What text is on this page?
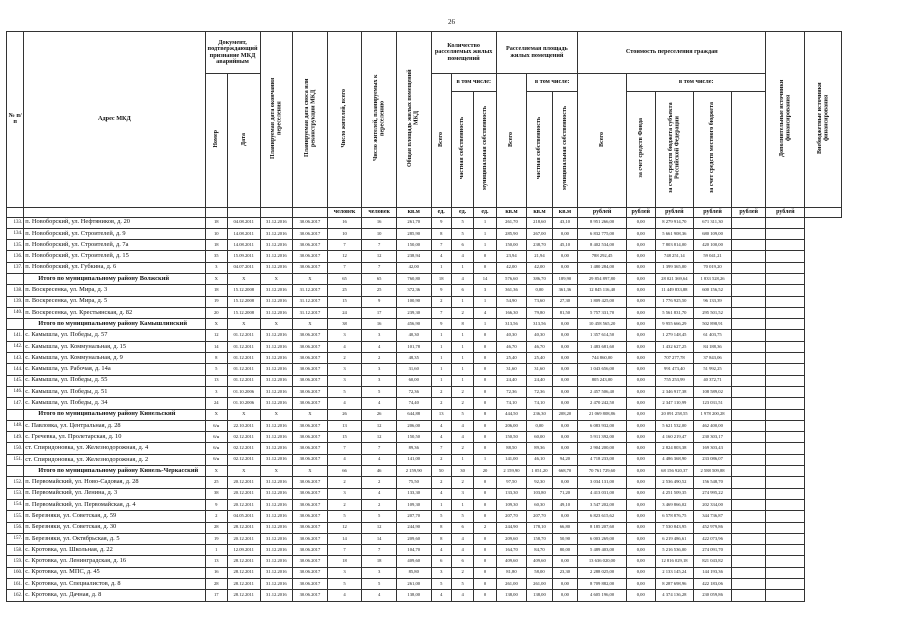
26
№ п/п	Адрес МКД	Документ, подтверждающий признание МКД аварийным		Планируемая дата окончания переселения	Планируемая дата сноса или реконструкции МКД	Число жителей, всего	Число жителей, планируемых к переселению	Общая площадь жилых помещений МКД	Количество расселяемых жилых помещений			Расселяемая площадь жилых помещений			Стоимость переселения граждан					Дополнительные источники финансирования	Внебюджетные источники финансирования
		Номер	Дата						Всего	в том числе:		Всего	в том числе:		Всего	в том числе:					
										частная собственность	муниципальная собственность		частная собственность	муниципальная собственность		за счет средств Фонда	за счет средств бюджета субъекта Российской Федерации	за счет средств местного бюджета			
						человек	человек	кв.м	ед.	ед.	ед.	кв.м	кв.м	кв.м	рублей	рублей	рублей	рублей	рублей	рублей	
133.	п. Новоборский, ул. Нефтяников, д. 20	18	04.08.2011	31.12.2016	30.06.2017	16	16	261,70	9	5	1	261,70	218,60	43,10	8 951 266,00	0,00	8 279 914,70	671 311,30			
134.	п. Новоборский, ул. Строителей, д. 9	10	14.08.2011	31.12.2016	30.06.2017	10	10	285,90	8	5	1	285,90	267,00	0,00	6 832 775,00	0,00	5 661 908,36	680 109,00			
135.	п. Новоборский, ул. Строителей, д. 7а	18	14.08.2011	31.12.2016	30.06.2017	7	7	150,00	7	6	1	150,00	238,70	45,10	8 402 534,00	0,00	7 803 814,00	420 100,00			
136.	п. Новоборский, ул. Строителей, д. 15	35	15.09.2011	31.12.2016	30.06.2017	12	12	238,94	4	4	0	23,94	21,94	0,00	788 292,45	0,00	748 251,14	59 041,21			
137.	п. Новоборский, ул. Губкина, д. 6	3	04.07.2011	31.12.2016	30.06.2017	7	7	42,00	1	1	0	42,00	42,00	0,00	1 480 284,00	0,00	1 399 365,00	70 019,20			
	Итого по муниципальному району Волжский	X	X	X	X	65	65	760,80	18	4	14	576,60	386,70	189,90	29 854 897,80	0,00	28 021 369,64	1 833 528,26			
138.	п. Воскресенка, ул. Мира, д. 3	18	15.12.2008	31.12.2016	31.12.2017	25	25	372,36	9	6	3	361,36	0,00	361,36	12 845 116,40	0,00	11 449 833,88	600 156,52			
139.	п. Воскресенка, ул. Мира, д. 5	19	15.12.2008	31.12.2016	31.12.2017	15	9	100,90	2	1	1	54,90	73,60	27,30	1 809 425,00	0,00	1 776 925,50	96 133,39			
140.	п. Воскресенка, ул. Крестьянская, д. 82	20	15.12.2008	31.12.2016	31.12.2017	24	17	239,30	7	2	4	166,30	79,80	81,50	5 757 331,70	0,00	5 561 831,70	295 501,52			
	Итого по муниципальному району Камышлинский	X	X	X	X	38	16	456,90	9	8	1	313,56	313,56	0,00	10 458 565,20	0,00	9 955 666,29	502 898,91			
141.	с. Камышла, ул. Победы, д. 57	12	01.12.2011	31.12.2016	30.06.2017	3	3	40,30	1	1	0	40,30	40,30	0,00	1 357 614,50	0,00	1 279 148,45	61 403,75			
142.	с. Камышла, ул. Коммунальная, д. 15	14	01.12.2011	31.12.2016	30.06.2017	4	4	101,78	1	1	0	46,70	46,70	0,00	1 483 681,60	0,00	1 432 627,25	84 188,36			
143.	с. Камышла, ул. Коммунальная, д. 9	8	01.12.2011	31.12.2016	30.06.2017	2	2	48,35	1	1	0	25,40	25,40	0,00	744 860,00	0,00	707 277,78	37 843,06			
144.	с. Камышла, ул. Рабочая, д. 14а	5	01.12.2011	31.12.2016	30.06.2017	3	3	31,60	1	1	0	31,60	31,60	0,00	1 043 656,00	0,00	991 473,40	51 992,25			
145.	с. Камышла, ул. Победы, д. 55	13	01.12.2011	31.12.2016	30.06.2017	3	3	60,00	1	1	0	24,40	24,40	0,00	805 243,00	0,00	755 253,99	40 372,71			
146.	с. Камышла, ул. Победы, д. 51	3	01.10.2006	31.12.2016	30.06.2017	5	5	72,36	2	2	0	72,36	72,36	0,00	2 457 506,40	0,00	2 346 917,38	108 589,02			
147.	с. Камышла, ул. Победы, д. 34	24	01.10.2006	31.12.2016	30.06.2017	4	4	74,40	2	2	0	74,10	74,10	0,00	2 470 242,50	0,00	2 347 110,99	123 031,51			
	Итого по муниципальному району Кинельский	X	X	X	X	26	26	644,88	13	5	8	444,50	236,30	208,20	21 069 808,86	0,00	20 091 258,55	1 978 200,28			
148.	с. Павловка, ул. Центральная, д. 28	6/н	22.10.2011	31.12.2016	30.06.2017	13	12	206,00	4	4	0	206,00	0,00	0,00	6 083 932,00	0,00	5 621 532,00	462 400,00			
149.	с. Гречевка, ул. Пролетарская, д. 10	6/н	02.12.2011	31.12.2016	30.06.2017	15	12	150,50	4	4	0	150,50	60,00	0,00	5 911 392,00	0,00	4 160 219,47	230 303,17			
150.	ст. Спиридоновка, ул. Железнодорожная, д. 4	6/н	02.12.2011	31.12.2016	30.06.2017	7	7	89,36	7	2	0	88,50	89,36	0,00	2 904 200,00	0,00	2 824 803,38	169 303,43			
151.	ст. Спиридоновка, ул. Железнодорожная, д. 2	6/н	02.12.2011	31.12.2016	30.06.2017	4	4	141,00	2	1	1	141,00	46,10	94,20	4 718 233,00	0,00	4 486 368,90	233 086,07			
	Итого по муниципальному району Кинель-Черкасский	X	X	X	X	66	46	2 159,90	50	30	20	2 159,90	1 051,20	668,70	70 761 729,60	0,00	68 156 920,37	2 588 509,88			
152.	п. Первомайский, ул. Ново-Садовая, д. 28	25	20.12.2011	31.12.2016	30.06.2017	2	2	75,50	2	2	0	97,50	92,30	0,00	3 034 131,00	0,00	2 536 490,52	156 548,70			
153.	п. Первомайский, ул. Ленина, д. 3	38	20.12.2011	31.12.2016	30.06.2017	3	4	133,30	4	3	0	133,30	103,80	71,20	4 413 031,00	0,00	4 251 509,35	274 995,22			
154.	п. Первомайский, ул. Первомайская, д. 4	9	20.12.2011	31.12.2016	30.06.2017	2	2	109,30	1	1	0	109,30	60,30	49,10	3 547 202,00	0,00	3 469 866,02	202 334,00			
155.	п. Березняки, ул. Советская, д. 59	2	04.05.2011	31.12.2016	30.06.2017	5	5	207,70	5	5	0	207,70	207,70	0,00	6 823 615,62	0,00	6 578 876,75	344 736,87			
156.	п. Березняки, ул. Советская, д. 30	28	28.12.2011	31.12.2016	30.06.2017	12	12	244,90	8	6	2	244,90	178,10	66,80	8 185 207,60	0,00	7 530 843,95	452 979,86			
157.	п. Березняки, ул. Октябрьская, д. 5	19	20.12.2011	31.12.2016	30.06.2017	14	14	209,60	8	4	0	209,60	158,70	50,90	6 003 269,00	0,00	6 219 486,61	422 073,96			
158.	с. Кротовка, ул. Школьная, д. 22	1	12.09.2011	31.12.2016	30.06.2017	7	7	104,70	4	4	0	164,70	84,70	80,00	5 489 403,00	0,00	5 216 536,00	274 091,70			
159.	с. Кротовка, ул. Ленинградская, д. 16	13	28.12.2011	31.12.2016	30.06.2017	18	18	409,60	6	6	0	409,60	409,60	0,00	13 636 020,00	0,00	12 816 029,18	821 043,82			
160.	с. Кротовка, ул. МПС, д. 45	16	28.12.2011	31.12.2016	30.06.2017	3	3	85,80	3	2	0	81,80	58,00	23,30	2 288 025,00	0,00	2 133 145,24	144 193,36			
161.	с. Кротовка, ул. Специалистов, д. 8	28	28.12.2011	31.12.2016	30.06.2017	5	5	261,00	5	5	0	261,00	261,00	0,00	8 709 882,00	0,00	8 287 698,96	422 183,06			
162.	с. Кротовка, ул. Дачная, д. 8	17	28.12.2011	31.12.2016	30.06.2017	4	4	138,00	4	4	0	138,00	138,00	0,00	4 605 196,00	0,00	4 374 136,28	230 059,86			
